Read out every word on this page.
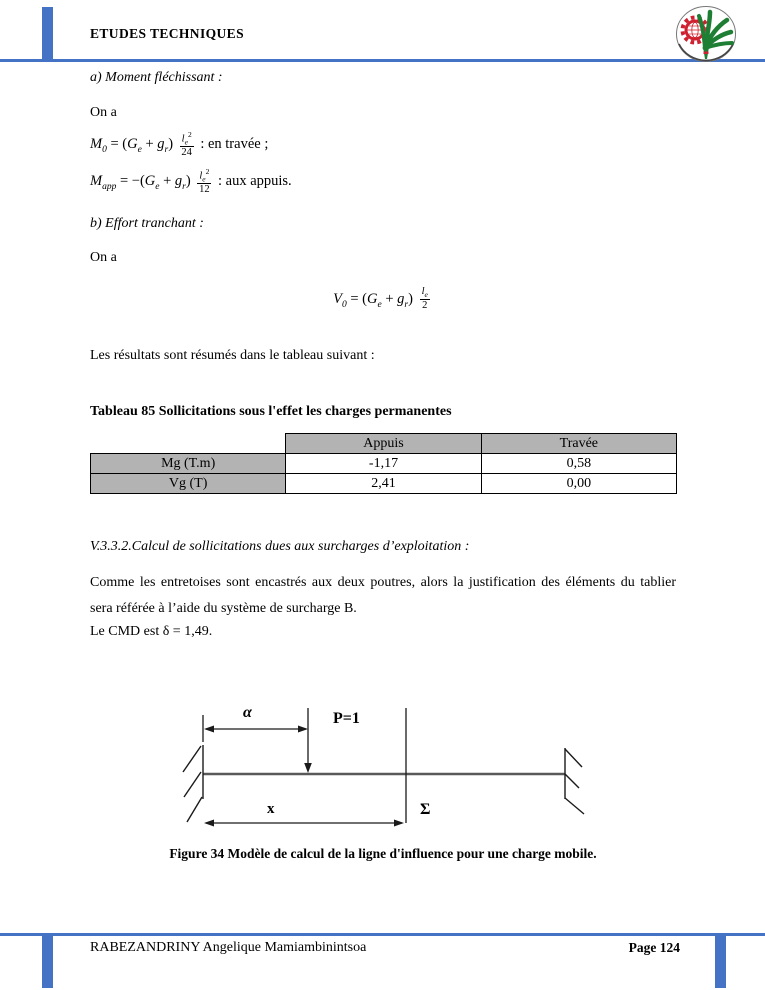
ETUDES TECHNIQUES
a) Moment fléchissant :
On a
$M_0 = (G_e + g_r) \frac{l_e^2}{24}$ : en travée ;
$M_{app} = -(G_e + g_r) \frac{l_e^2}{12}$ : aux appuis.
b) Effort tranchant :
On a
$V_0 = (G_e + g_r) \frac{l_e}{2}$
Les résultats sont résumés dans le tableau suivant :
Tableau 85 Sollicitations sous l'effet les charges permanentes
	Appuis	Travée
Mg (T.m)	-1,17	0,58
Vg (T)	2,41	0,00
V.3.3.2.Calcul de sollicitations dues aux surcharges d’exploitation :
Comme les entretoises sont encastrés aux deux poutres, alors la justification des éléments du tablier
sera référée à l’aide du système de surcharge B.
Le CMD est δ = 1,49.
α	P=1
x	Σ
Figure 34 Modèle de calcul de la ligne d'influence pour une charge mobile.
RABEZANDRINY Angelique Mamiambinintsoa	Page 124
